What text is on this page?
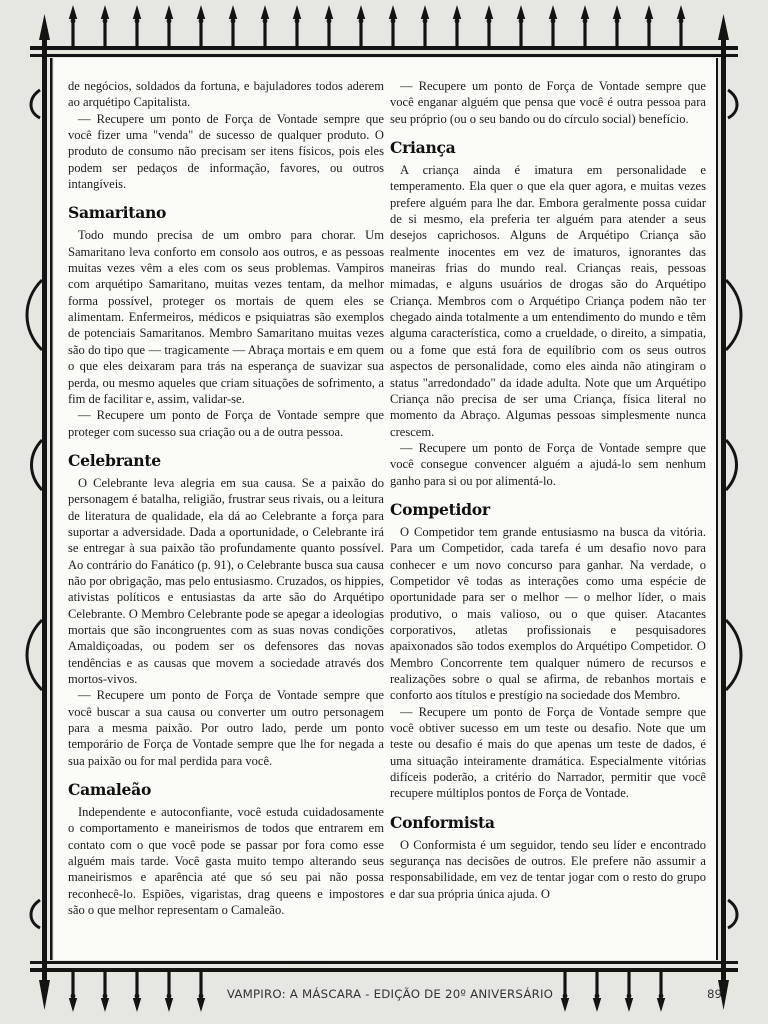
de negócios, soldados da fortuna, e bajuladores todos aderem ao arquétipo Capitalista.

— Recupere um ponto de Força de Vontade sempre que você fizer uma "venda" de sucesso de qualquer produto. O produto de consumo não precisam ser itens físicos, pois eles podem ser pedaços de informação, favores, ou outros intangíveis.

Samaritano

Todo mundo precisa de um ombro para chorar. Um Samaritano leva conforto em consolo aos outros, e as pessoas muitas vezes vêm a eles com os seus problemas. Vampiros com arquétipo Samaritano, muitas vezes tentam, da melhor forma possível, proteger os mortais de quem eles se alimentam. Enfermeiros, médicos e psiquiatras são exemplos de potenciais Samaritanos. Membro Samaritano muitas vezes são do tipo que — tragicamente — Abraça mortais e em quem o que eles deixaram para trás na esperança de suavizar sua perda, ou mesmo aqueles que criam situações de sofrimento, a fim de facilitar e, assim, validar-se.

— Recupere um ponto de Força de Vontade sempre que proteger com sucesso sua criação ou a de outra pessoa.

Celebrante

O Celebrante leva alegria em sua causa. Se a paixão do personagem é batalha, religião, frustrar seus rivais, ou a leitura de literatura de qualidade, ela dá ao Celebrante a força para suportar a adversidade. Dada a oportunidade, o Celebrante irá se entregar à sua paixão tão profundamente quanto possível. Ao contrário do Fanático (p. 91), o Celebrante busca sua causa não por obrigação, mas pelo entusiasmo. Cruzados, os hippies, ativistas políticos e entusiastas da arte são do Arquétipo Celebrante. O Membro Celebrante pode se apegar a ideologias mortais que são incongruentes com as suas novas condições Amaldiçoadas, ou podem ser os defensores das novas tendências e as causas que movem a sociedade através dos mortos-vivos.

— Recupere um ponto de Força de Vontade sempre que você buscar a sua causa ou converter um outro personagem para a mesma paixão. Por outro lado, perde um ponto temporário de Força de Vontade sempre que lhe for negada a sua paixão ou for mal perdida para você.

Camaleão

Independente e autoconfiante, você estuda cuidadosamente o comportamento e maneirismos de todos que entrarem em contato com o que você pode se passar por fora como esse alguém mais tarde. Você gasta muito tempo alterando seus maneirismos e aparência até que só seu pai não possa reconhecê-lo. Espiões, vigaristas, drag queens e impostores são o que melhor representam o Camaleão.

— Recupere um ponto de Força de Vontade sempre que você enganar alguém que pensa que você é outra pessoa para seu próprio (ou o seu bando ou do círculo social) benefício.

Criança

A criança ainda é imatura em personalidade e temperamento. Ela quer o que ela quer agora, e muitas vezes prefere alguém para lhe dar. Embora geralmente possa cuidar de si mesmo, ela preferia ter alguém para atender a seus desejos caprichosos. Alguns de Arquétipo Criança são realmente inocentes em vez de imaturos, ignorantes das maneiras frias do mundo real. Crianças reais, pessoas mimadas, e alguns usuários de drogas são do Arquétipo Criança. Membros com o Arquétipo Criança podem não ter chegado ainda totalmente a um entendimento do mundo e têm alguma característica, como a crueldade, o direito, a simpatia, ou a fome que está fora de equilíbrio com os seus outros aspectos de personalidade, como eles ainda não atingiram o status "arredondado" da idade adulta. Note que um Arquétipo Criança não precisa de ser uma Criança, física literal no momento da Abraço. Algumas pessoas simplesmente nunca crescem.

— Recupere um ponto de Força de Vontade sempre que você consegue convencer alguém a ajudá-lo sem nenhum ganho para si ou por alimentá-lo.

Competidor

O Competidor tem grande entusiasmo na busca da vitória. Para um Competidor, cada tarefa é um desafio novo para conhecer e um novo concurso para ganhar. Na verdade, o Competidor vê todas as interações como uma espécie de oportunidade para ser o melhor — o melhor líder, o mais produtivo, o mais valioso, ou o que quiser. Atacantes corporativos, atletas profissionais e pesquisadores apaixonados são todos exemplos do Arquétipo Competidor. O Membro Concorrente tem qualquer número de recursos e realizações sobre o qual se afirma, de rebanhos mortais e conforto aos títulos e prestígio na sociedade dos Membro.

— Recupere um ponto de Força de Vontade sempre que você obtiver sucesso em um teste ou desafio. Note que um teste ou desafio é mais do que apenas um teste de dados, é uma situação inteiramente dramática. Especialmente vitórias difíceis poderão, a critério do Narrador, permitir que você recupere múltiplos pontos de Força de Vontade.

Conformista

O Conformista é um seguidor, tendo seu líder e encontrado segurança nas decisões de outros. Ele prefere não assumir a responsabilidade, em vez de tentar jogar com o resto do grupo e dar sua própria única ajuda. O

VAMPIRO: A MÁSCARA - EDIÇÃO DE 20º ANIVERSÁRIO	89
